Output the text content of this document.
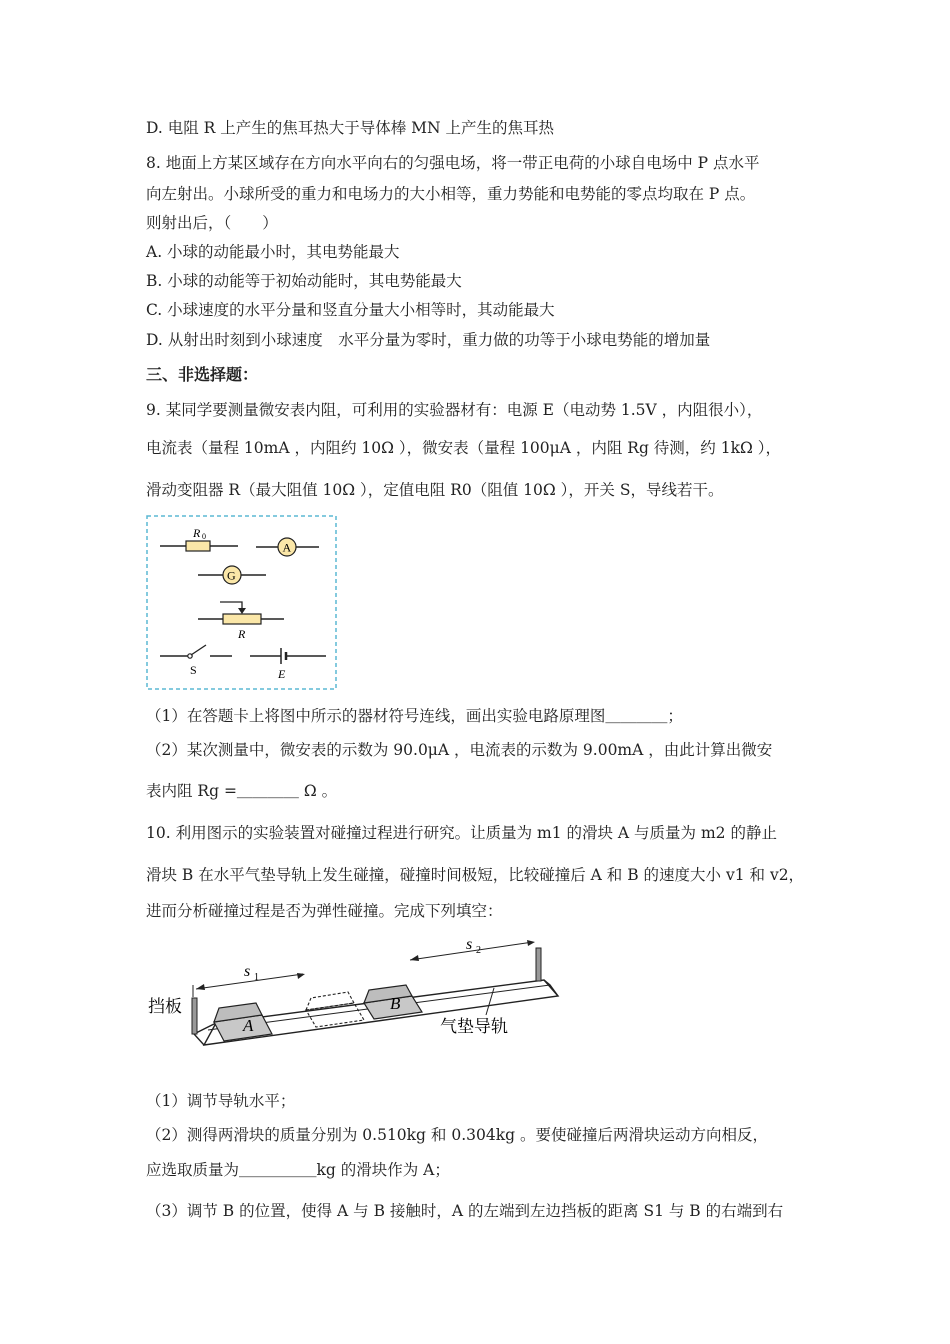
D. 电阻 R 上产生的焦耳热大于导体棒 MN 上产生的焦耳热
8. 地面上方某区域存在方向水平向右的匀强电场，将一带正电荷的小球自电场中 P 点水平
向左射出。小球所受的重力和电场力的大小相等，重力势能和电势能的零点均取在 P 点。
则射出后，（　　）
A. 小球的动能最小时，其电势能最大
B. 小球的动能等于初始动能时，其电势能最大
C. 小球速度的水平分量和竖直分量大小相等时，其动能最大
D. 从射出时刻到小球速度　水平分量为零时，重力做的功等于小球电势能的增加量
三、非选择题：
9. 某同学要测量微安表内阻，可利用的实验器材有：电源 E（电动势 1.5V ，内阻很小），
电流表（量程 10mA ，内阻约 10Ω ），微安表（量程 100μA ，内阻 Rg 待测，约 1kΩ ），
滑动变阻器 R（最大阻值 10Ω ），定值电阻 R0（阻值 10Ω ），开关 S，导线若干。
R 0
A
G
R
S	E
（1）在答题卡上将图中所示的器材符号连线，画出实验电路原理图＿＿＿＿；
（2）某次测量中，微安表的示数为 90.0μA ，电流表的示数为 9.00mA ，由此计算出微安
表内阻 Rg =＿＿＿＿ Ω 。
10. 利用图示的实验装置对碰撞过程进行研究。让质量为 m1 的滑块 A 与质量为 m2 的静止
滑块 B 在水平气垫导轨上发生碰撞，碰撞时间极短，比较碰撞后 A 和 B 的速度大小 v1 和 v2，
进而分析碰撞过程是否为弹性碰撞。完成下列填空：
A
B
s 1
s 2
气垫导轨
挡板
（1）调节导轨水平；
（2）测得两滑块的质量分别为 0.510kg 和 0.304kg 。要使碰撞后两滑块运动方向相反，
应选取质量为＿＿＿＿＿kg 的滑块作为 A；
（3）调节 B 的位置，使得 A 与 B 接触时，A 的左端到左边挡板的距离 S1 与 B 的右端到右
